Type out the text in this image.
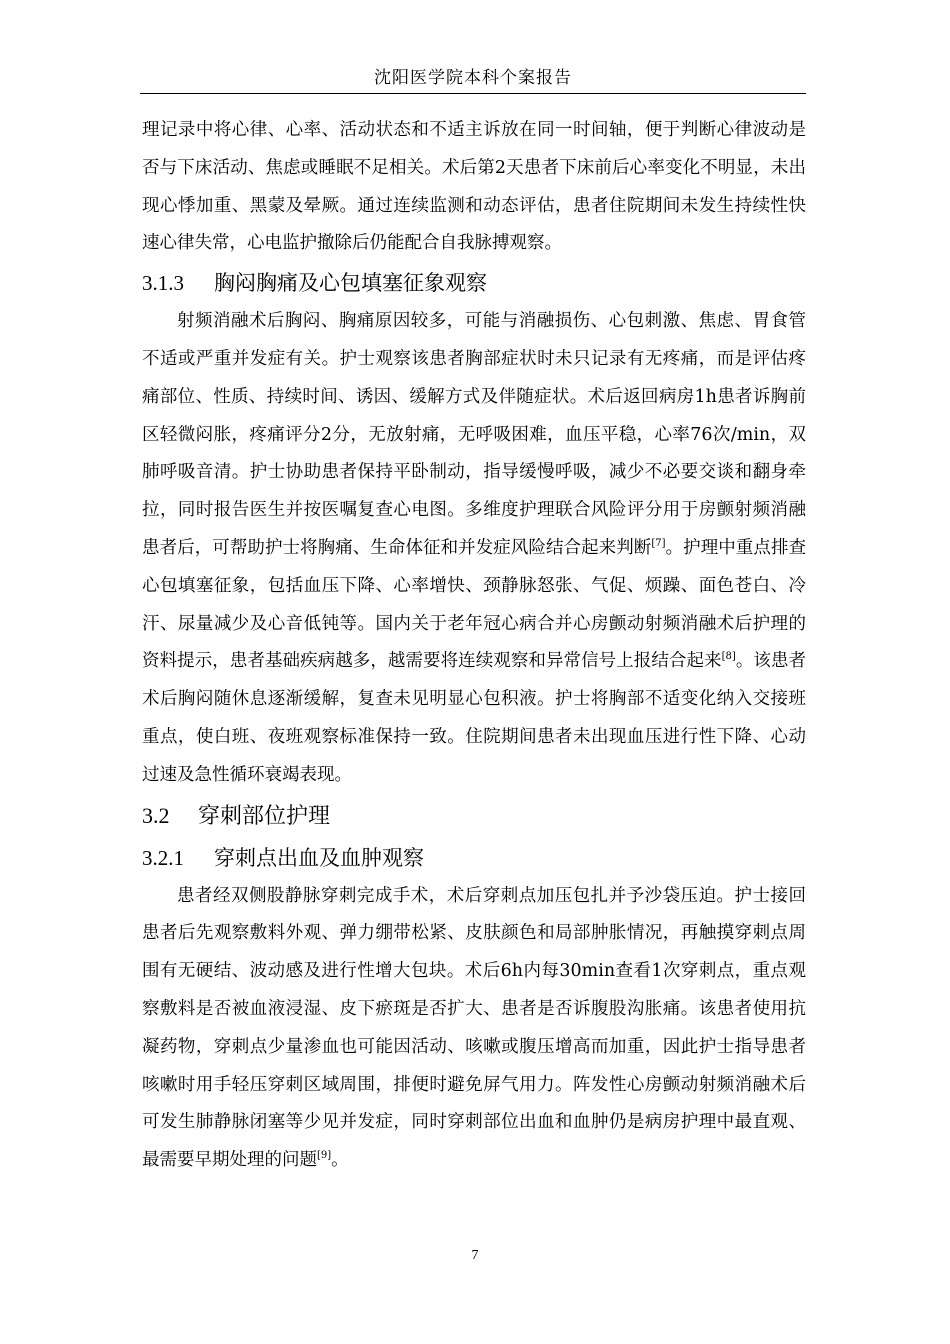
沈阳医学院本科个案报告

理记录中将心律、心率、活动状态和不适主诉放在同一时间轴，便于判断心律波动是否与下床活动、焦虑或睡眠不足相关。术后第2天患者下床前后心率变化不明显，未出现心悸加重、黑蒙及晕厥。通过连续监测和动态评估，患者住院期间未发生持续性快速心律失常，心电监护撤除后仍能配合自我脉搏观察。

3.1.3 胸闷胸痛及心包填塞征象观察

射频消融术后胸闷、胸痛原因较多，可能与消融损伤、心包刺激、焦虑、胃食管不适或严重并发症有关。护士观察该患者胸部症状时未只记录有无疼痛，而是评估疼痛部位、性质、持续时间、诱因、缓解方式及伴随症状。术后返回病房1h患者诉胸前区轻微闷胀，疼痛评分2分，无放射痛，无呼吸困难，血压平稳，心率76次/min，双肺呼吸音清。护士协助患者保持平卧制动，指导缓慢呼吸，减少不必要交谈和翻身牵拉，同时报告医生并按医嘱复查心电图。多维度护理联合风险评分用于房颤射频消融患者后，可帮助护士将胸痛、生命体征和并发症风险结合起来判断[7]。护理中重点排查心包填塞征象，包括血压下降、心率增快、颈静脉怒张、气促、烦躁、面色苍白、冷汗、尿量减少及心音低钝等。国内关于老年冠心病合并心房颤动射频消融术后护理的资料提示，患者基础疾病越多，越需要将连续观察和异常信号上报结合起来[8]。该患者术后胸闷随休息逐渐缓解，复查未见明显心包积液。护士将胸部不适变化纳入交接班重点，使白班、夜班观察标准保持一致。住院期间患者未出现血压进行性下降、心动过速及急性循环衰竭表现。

3.2 穿刺部位护理
3.2.1 穿刺点出血及血肿观察

患者经双侧股静脉穿刺完成手术，术后穿刺点加压包扎并予沙袋压迫。护士接回患者后先观察敷料外观、弹力绷带松紧、皮肤颜色和局部肿胀情况，再触摸穿刺点周围有无硬结、波动感及进行性增大包块。术后6h内每30min查看1次穿刺点，重点观察敷料是否被血液浸湿、皮下瘀斑是否扩大、患者是否诉腹股沟胀痛。该患者使用抗凝药物，穿刺点少量渗血也可能因活动、咳嗽或腹压增高而加重，因此护士指导患者咳嗽时用手轻压穿刺区域周围，排便时避免屏气用力。阵发性心房颤动射频消融术后可发生肺静脉闭塞等少见并发症，同时穿刺部位出血和血肿仍是病房护理中最直观、最需要早期处理的问题[9]。

7
